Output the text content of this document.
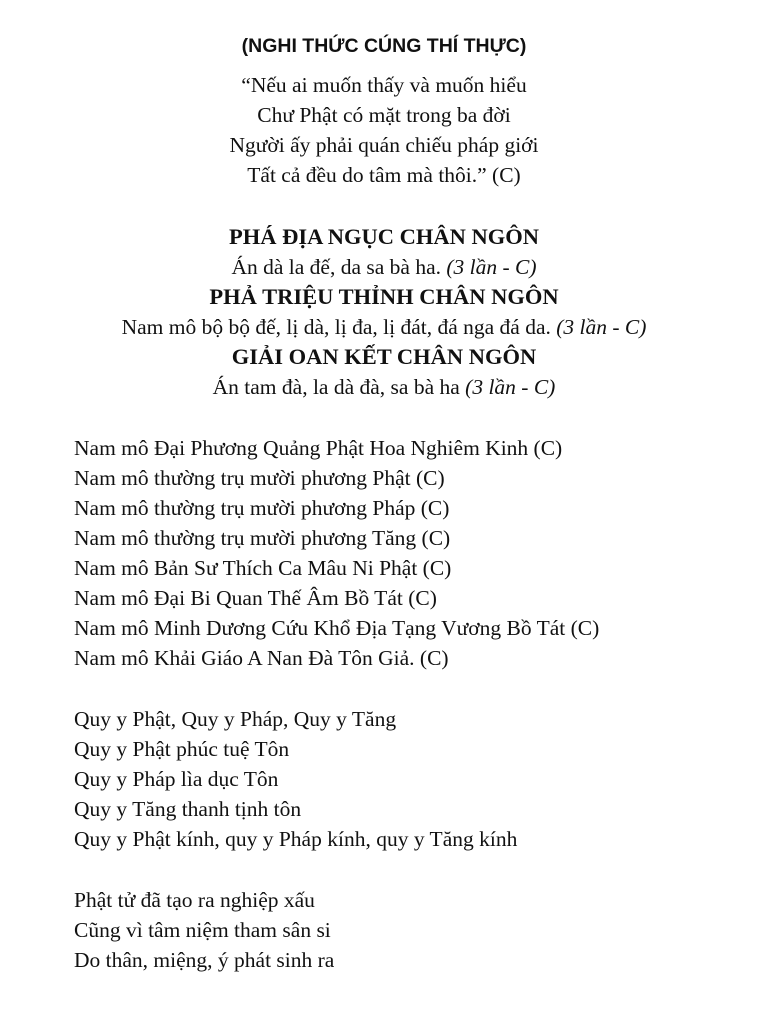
(NGHI THỨC CÚNG THÍ THỰC)
“Nếu ai muốn thấy và muốn hiểu
Chư Phật có mặt trong ba đời
Người ấy phải quán chiếu pháp giới
Tất cả đều do tâm mà thôi.” (C)
PHÁ ĐỊA NGỤC CHÂN NGÔN
Án dà la đế, da sa bà ha. (3 lần - C)
PHẢ TRIỆU THỈNH CHÂN NGÔN
Nam mô bộ bộ đế, lị dà, lị đa, lị đát, đá nga đá da. (3 lần - C)
GIẢI OAN KẾT CHÂN NGÔN
Án tam đà, la dà đà, sa bà ha (3 lần - C)
Nam mô Đại Phương Quảng Phật Hoa Nghiêm Kinh (C)
Nam mô thường trụ mười phương Phật (C)
Nam mô thường trụ mười phương Pháp (C)
Nam mô thường trụ mười phương Tăng (C)
Nam mô Bản Sư Thích Ca Mâu Ni Phật (C)
Nam mô Đại Bi Quan Thế Âm Bồ Tát (C)
Nam mô Minh Dương Cứu Khổ Địa Tạng Vương Bồ Tát (C)
Nam mô Khải Giáo A Nan Đà Tôn Giả. (C)
Quy y Phật, Quy y Pháp, Quy y Tăng
Quy y Phật phúc tuệ Tôn
Quy y Pháp lìa dục Tôn
Quy y Tăng thanh tịnh tôn
Quy y Phật kính, quy y Pháp kính, quy y Tăng kính
Phật tử đã tạo ra nghiệp xấu
Cũng vì tâm niệm tham sân si
Do thân, miệng, ý phát sinh ra
